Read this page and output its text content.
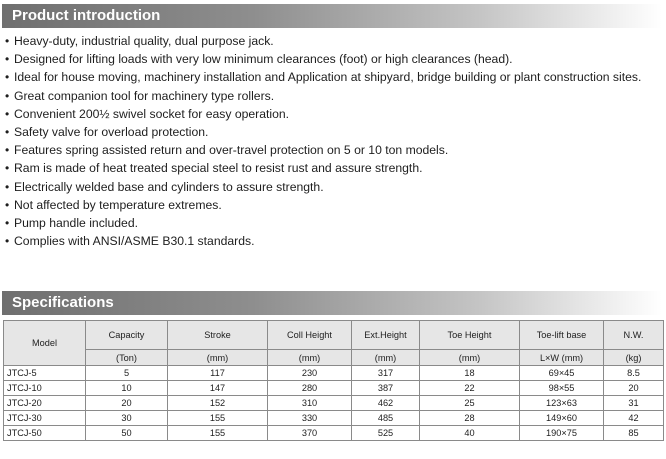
Product introduction
• Heavy-duty, industrial quality, dual purpose jack.
• Designed for lifting loads with very low minimum clearances (foot) or high clearances (head).
• Ideal for house moving, machinery installation and Application at shipyard, bridge building or plant construction sites.
• Great companion tool for machinery type rollers.
• Convenient 200½ swivel socket for easy operation.
• Safety valve for overload protection.
• Features spring assisted return and over-travel protection on 5 or 10 ton models.
• Ram is made of heat treated special steel to resist rust and assure strength.
• Electrically welded base and cylinders to assure strength.
• Not affected by temperature extremes.
• Pump handle included.
• Complies with ANSI/ASME B30.1 standards.
Specifications
Model	Capacity	Stroke	Coll Height	Ext.Height	Toe Height	Toe-lift base	N.W.
	(Ton)	(mm)	(mm)	(mm)	(mm)	L×W (mm)	(kg)
JTCJ-5	5	117	230	317	18	69×45	8.5
JTCJ-10	10	147	280	387	22	98×55	20
JTCJ-20	20	152	310	462	25	123×63	31
JTCJ-30	30	155	330	485	28	149×60	42
JTCJ-50	50	155	370	525	40	190×75	85
